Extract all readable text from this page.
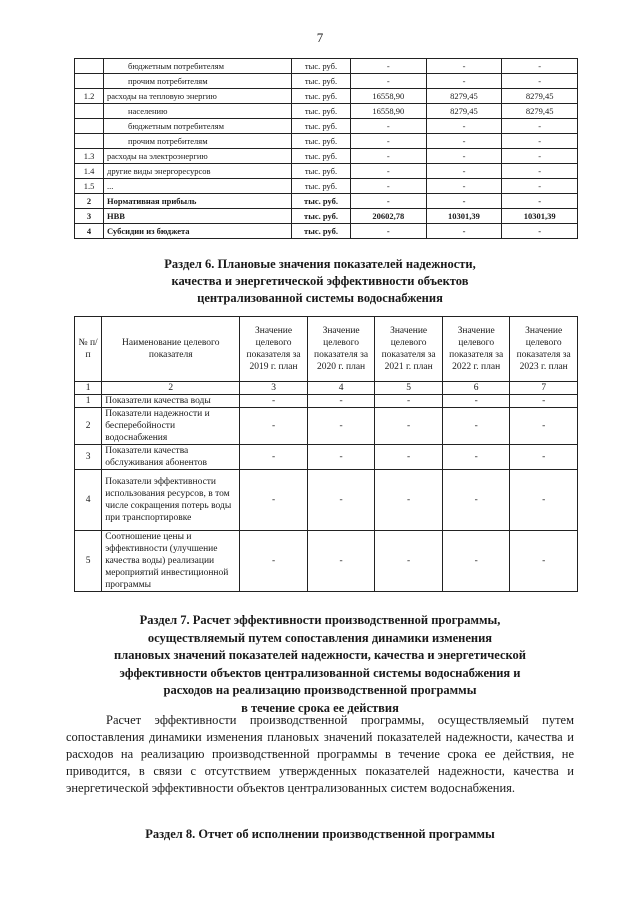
7
	бюджетным потребителям	тыс. руб.	-	-	-
	прочим потребителям	тыс. руб.	-	-	-
1.2	расходы на тепловую энергию	тыс. руб.	16558,90	8279,45	8279,45
	населению	тыс. руб.	16558,90	8279,45	8279,45
	бюджетным потребителям	тыс. руб.	-	-	-
	прочим потребителям	тыс. руб.	-	-	-
1.3	расходы на электроэнергию	тыс. руб.	-	-	-
1.4	другие виды энергоресурсов	тыс. руб.	-	-	-
1.5	...	тыс. руб.	-	-	-
2	Нормативная прибыль	тыс. руб.	-	-	-
3	НВВ	тыс. руб.	20602,78	10301,39	10301,39
4	Субсидии из бюджета	тыс. руб.	-	-	-
Раздел 6. Плановые значения показателей надежности,
качества и энергетической эффективности объектов
централизованной системы водоснабжения
№ п/ п	Наименование целевого показателя	Значение целевого показателя за 2019 г. план	Значение целевого показателя за 2020 г. план	Значение целевого показателя за 2021 г. план	Значение целевого показателя за 2022 г. план	Значение целевого показателя за 2023 г. план
1	2	3	4	5	6	7
1	Показатели качества воды	-	-	-	-	-
2	Показатели надежности и бесперебойности водоснабжения	-	-	-	-	-
3	Показатели качества обслуживания абонентов	-	-	-	-	-
4	Показатели эффективности использования ресурсов, в том числе сокращения потерь воды при транспортировке	-	-	-	-	-
5	Соотношение цены и эффективности (улучшение качества воды) реализации мероприятий инвестиционной программы	-	-	-	-	-
Раздел 7. Расчет эффективности производственной программы,
осуществляемый путем сопоставления динамики изменения
плановых значений показателей надежности, качества и энергетической
эффективности объектов централизованной системы водоснабжения и
расходов на реализацию производственной программы
в течение срока ее действия
Расчет эффективности производственной программы, осуществляемый путем сопоставления динамики изменения плановых значений показателей надежности, качества и расходов на реализацию производственной программы в течение срока ее действия, не приводится, в связи с отсутствием утвержденных показателей надежности, качества и энергетической эффективности объектов централизованных систем водоснабжения.
Раздел 8. Отчет об исполнении производственной программы
